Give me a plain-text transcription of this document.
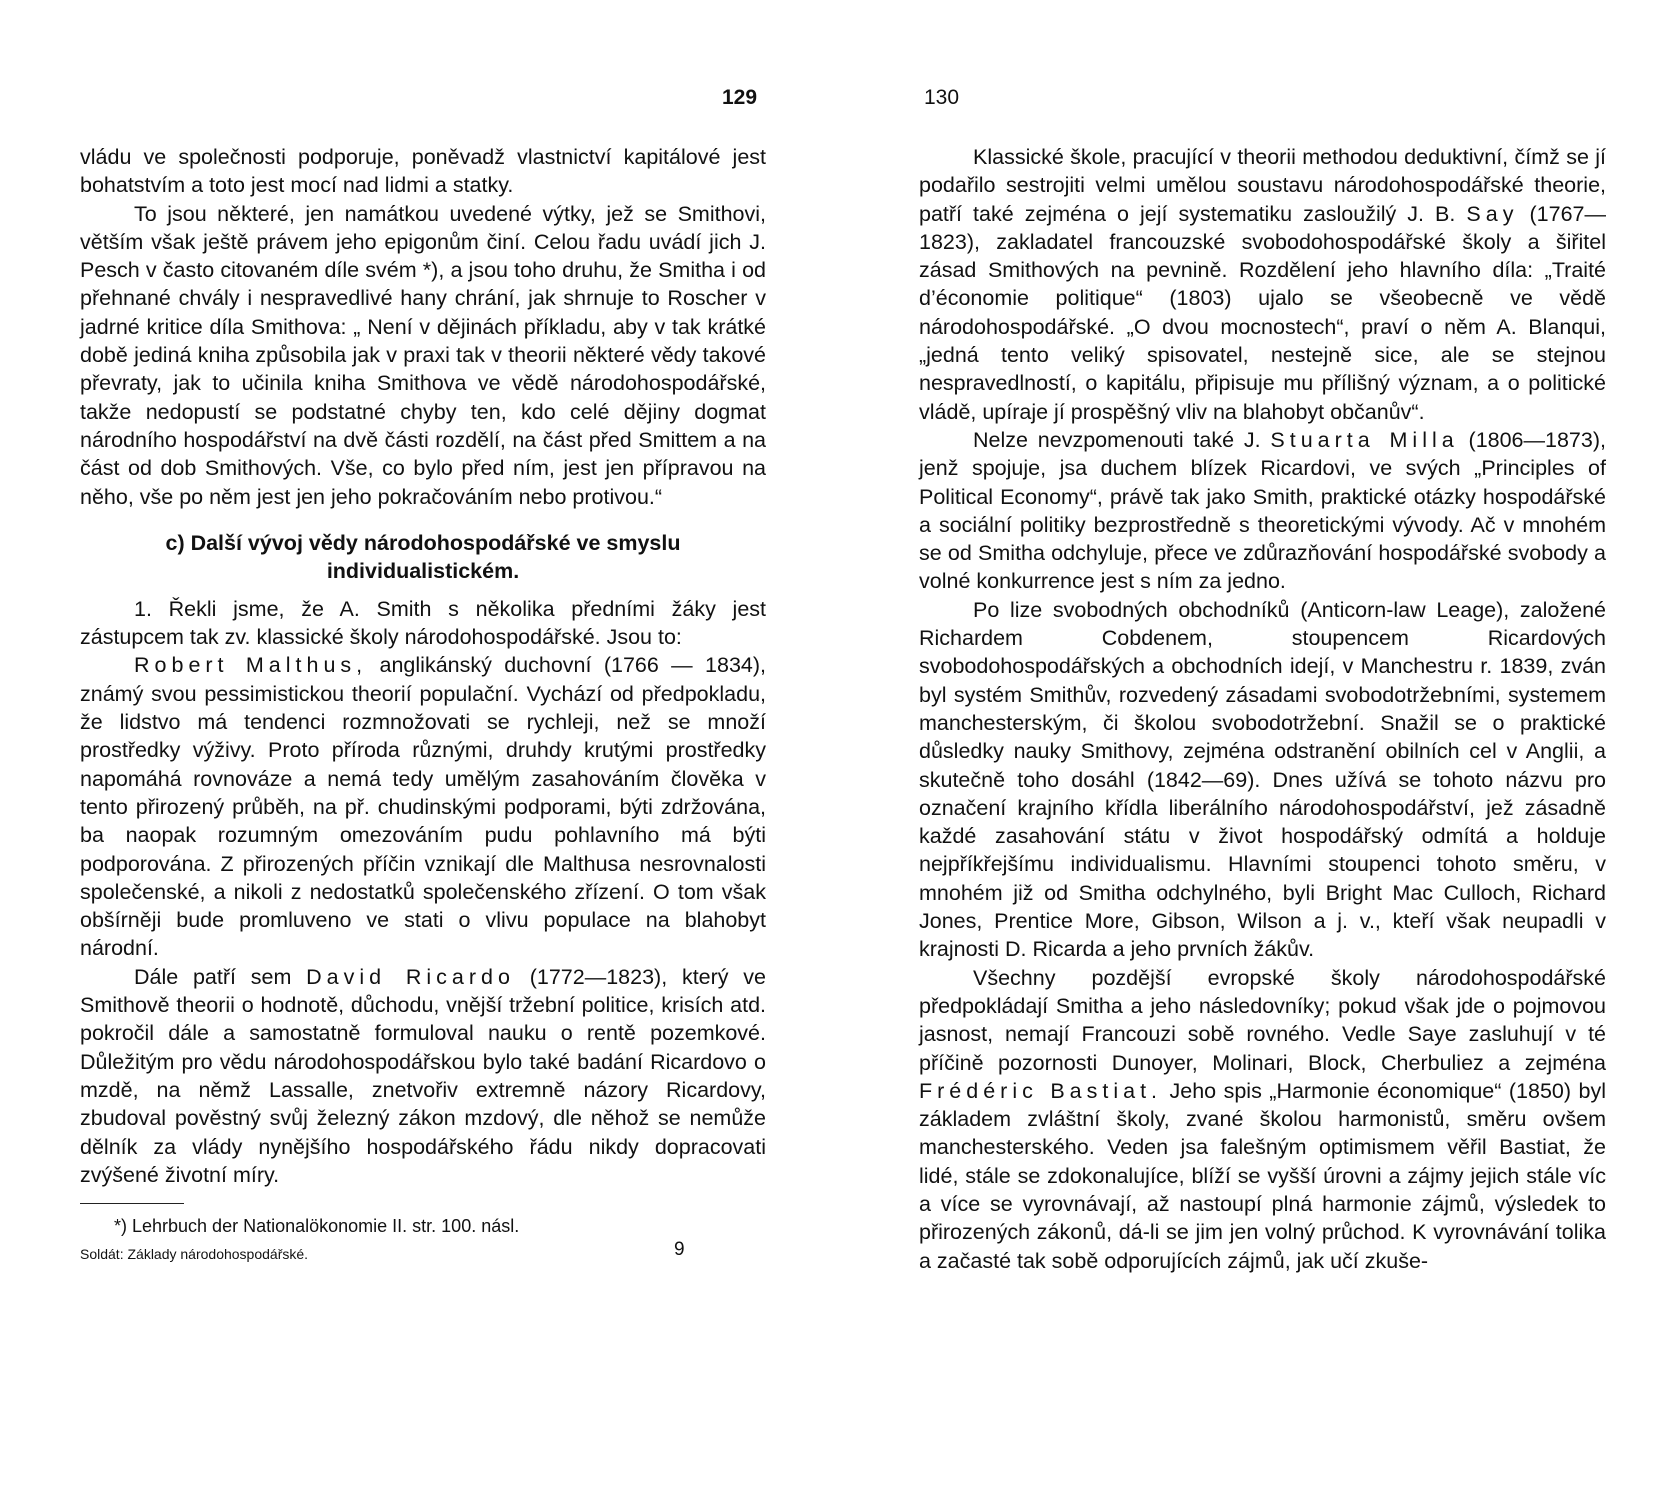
129

vládu ve společnosti podporuje, poněvadž vlastnictví kapitálové jest bohatstvím a toto jest mocí nad lidmi a statky.

To jsou některé, jen namátkou uvedené výtky, jež se Smithovi, větším však ještě právem jeho epigonům činí. Celou řadu uvádí jich J. Pesch v často citovaném díle svém *), a jsou toho druhu, že Smitha i od přehnané chvály i nespravedlivé hany chrání, jak shrnuje to Roscher v jadrné kritice díla Smithova: „ Není v dějinách příkladu, aby v tak krátké době jediná kniha způsobila jak v praxi tak v theorii některé vědy takové převraty, jak to učinila kniha Smithova ve vědě národohospodářské, takže nedopustí se podstatné chyby ten, kdo celé dějiny dogmat národního hospodářství na dvě části rozdělí, na část před Smittem a na část od dob Smithových. Vše, co bylo před ním, jest jen přípravou na něho, vše po něm jest jen jeho pokračováním nebo protivou.“

c) Další vývoj vědy národohospodářské ve smyslu individualistickém.

1. Řekli jsme, že A. Smith s několika předními žáky jest zástupcem tak zv. klassické školy národohospodářské. Jsou to:

Robert Malthus, anglikánský duchovní (1766 — 1834), známý svou pessimistickou theorií populační. Vychází od předpokladu, že lidstvo má tendenci rozmnožovati se rychleji, než se množí prostředky výživy. Proto příroda různými, druhdy krutými prostředky napomáhá rovnováze a nemá tedy umělým zasahováním člověka v tento přirozený průběh, na př. chudinskými podporami, býti zdržována, ba naopak rozumným omezováním pudu pohlavního má býti podporována. Z přirozených příčin vznikají dle Malthusa nesrovnalosti společenské, a nikoli z nedostatků společenského zřízení. O tom však obšírněji bude promluveno ve stati o vlivu populace na blahobyt národní.

Dále patří sem David Ricardo (1772—1823), který ve Smithově theorii o hodnotě, důchodu, vnější tržební politice, krisích atd. pokročil dále a samostatně formuloval nauku o rentě pozemkové. Důležitým pro vědu národohospodářskou bylo také badání Ricardovo o mzdě, na němž Lassalle, znetvořiv extremně názory Ricardovy, zbudoval pověstný svůj železný zákon mzdový, dle něhož se nemůže dělník za vlády nynějšího hospodářského řádu nikdy dopracovati zvýšené životní míry.

*) Lehrbuch der Nationalökonomie II. str. 100. násl.
Soldát: Základy národohospodářské.	9
130

Klassické škole, pracující v theorii methodou deduktivní, čímž se jí podařilo sestrojiti velmi umělou soustavu národohospodářské theorie, patří také zejména o její systematiku zasloužilý J. B. Say (1767—1823), zakladatel francouzské svobodohospodářské školy a šiřitel zásad Smithových na pevnině. Rozdělení jeho hlavního díla: „Traité d’économie politique“ (1803) ujalo se všeobecně ve vědě národohospodářské. „O dvou mocnostech“, praví o něm A. Blanqui, „jedná tento veliký spisovatel, nestejně sice, ale se stejnou nespravedlností, o kapitálu, připisuje mu přílišný význam, a o politické vládě, upíraje jí prospěšný vliv na blahobyt občanův“.

Nelze nevzpomenouti také J. Stuarta Milla (1806—1873), jenž spojuje, jsa duchem blízek Ricardovi, ve svých „Principles of Political Economy“, právě tak jako Smith, praktické otázky hospodářské a sociální politiky bezprostředně s theoretickými vývody. Ač v mnohém se od Smitha odchyluje, přece ve zdůrazňování hospodářské svobody a volné konkurrence jest s ním za jedno.

Po lize svobodných obchodníků (Anticorn-law Leage), založené Richardem Cobdenem, stoupencem Ricardových svobodohospodářských a obchodních idejí, v Manchestru r. 1839, zván byl systém Smithův, rozvedený zásadami svobodotržebními, systemem manchesterským, či školou svobodotržební. Snažil se o praktické důsledky nauky Smithovy, zejména odstranění obilních cel v Anglii, a skutečně toho dosáhl (1842—69). Dnes užívá se tohoto názvu pro označení krajního křídla liberálního národohospodářství, jež zásadně každé zasahování státu v život hospodářský odmítá a holduje nejpříkřejšímu individualismu. Hlavními stoupenci tohoto směru, v mnohém již od Smitha odchylného, byli Bright Mac Culloch, Richard Jones, Prentice More, Gibson, Wilson a j. v., kteří však neupadli v krajnosti D. Ricarda a jeho prvních žákův.

Všechny pozdější evropské školy národohospodářské předpokládají Smitha a jeho následovníky; pokud však jde o pojmovou jasnost, nemají Francouzi sobě rovného. Vedle Saye zasluhují v té příčině pozornosti Dunoyer, Molinari, Block, Cherbuliez a zejména Frédéric Bastiat. Jeho spis „Harmonie économique“ (1850) byl základem zvláštní školy, zvané školou harmonistů, směru ovšem manchesterského. Veden jsa falešným optimismem věřil Bastiat, že lidé, stále se zdokonalujíce, blíží se vyšší úrovni a zájmy jejich stále víc a více se vyrovnávají, až nastoupí plná harmonie zájmů, výsledek to přirozených zákonů, dá-li se jim jen volný průchod. K vyrovnávání tolika a začasté tak sobě odporujících zájmů, jak učí zkuše-
